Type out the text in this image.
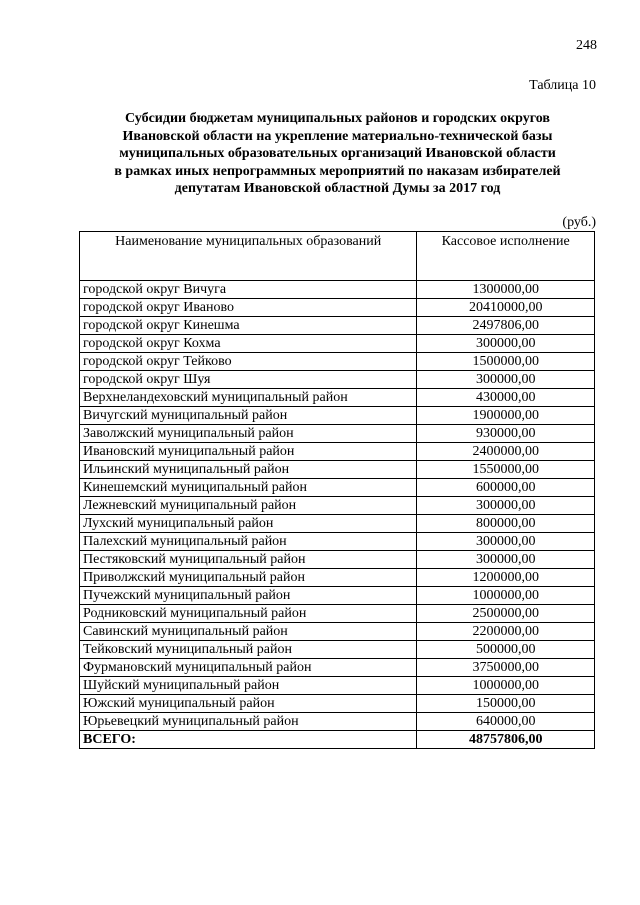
248
Таблица 10
Субсидии бюджетам муниципальных районов и городских округов
Ивановской области на укрепление материально-технической базы
муниципальных образовательных организаций Ивановской области
в рамках иных непрограммных мероприятий по наказам избирателей
депутатам Ивановской областной Думы за 2017 год
(руб.)
Наименование муниципальных образований	Кассовое исполнение
городской округ Вичуга	1300000,00
городской округ Иваново	20410000,00
городской округ Кинешма	2497806,00
городской округ Кохма	300000,00
городской округ Тейково	1500000,00
городской округ Шуя	300000,00
Верхнеландеховский муниципальный район	430000,00
Вичугский муниципальный район	1900000,00
Заволжский муниципальный район	930000,00
Ивановский муниципальный район	2400000,00
Ильинский муниципальный район	1550000,00
Кинешемский муниципальный район	600000,00
Лежневский муниципальный район	300000,00
Лухский муниципальный район	800000,00
Палехский муниципальный район	300000,00
Пестяковский муниципальный район	300000,00
Приволжский муниципальный район	1200000,00
Пучежский муниципальный район	1000000,00
Родниковский муниципальный район	2500000,00
Савинский муниципальный район	2200000,00
Тейковский муниципальный район	500000,00
Фурмановский муниципальный район	3750000,00
Шуйский муниципальный район	1000000,00
Южский муниципальный район	150000,00
Юрьевецкий муниципальный район	640000,00
ВСЕГО:	48757806,00
